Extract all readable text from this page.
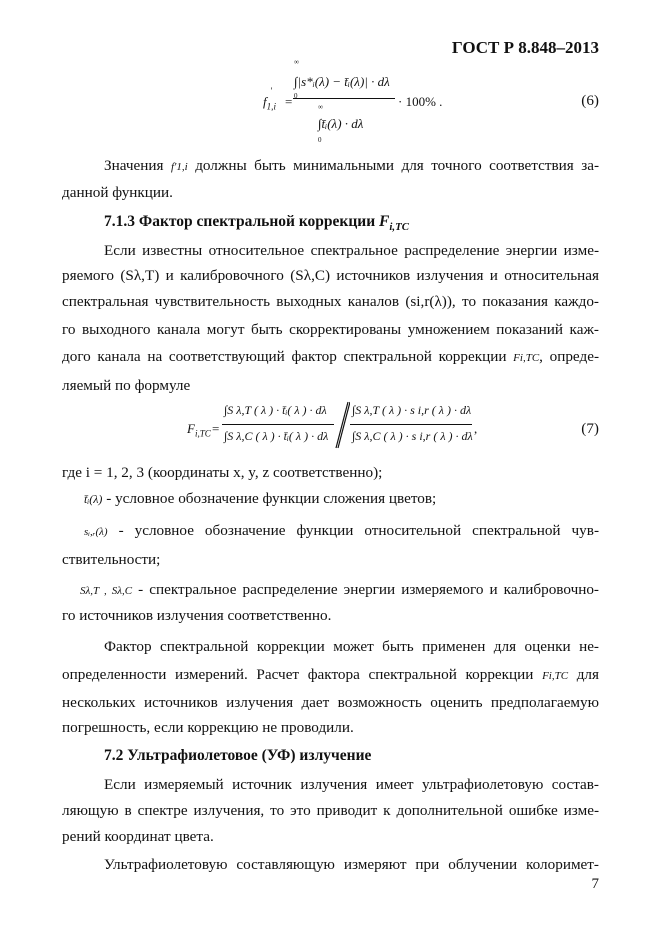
ГОСТ Р 8.848–2013
$f_{1,i}$
′
=
∫|s*ᵢ(λ) − t̄ᵢ(λ)| · dλ
∞
0
∫t̄ᵢ(λ) · dλ
∞
0
· 100% .	(6)

Значения f′1,i должны быть минимальными для точного соответствия за-

данной функции.

7.1.3 Фактор спектральной коррекции $F_{i,TC}$

Если известны относительное спектральное распределение энергии изме-

ряемого (Sλ,T) и калибровочного (Sλ,C) источников излучения и относительная

спектральная чувствительность выходных каналов (si,r(λ)), то показания каждо-

го выходного канала могут быть скорректированы умножением показаний каж-

дого канала на соответствующий фактор спектральной коррекции Fi,TC, опреде-

ляемый по формуле

$F_{i,TC}$ =
∫S λ,T ( λ ) · t̄ᵢ( λ ) · dλ
∫S λ,C ( λ ) · t̄ᵢ( λ ) · dλ
∫S λ,T ( λ ) · s i,r ( λ ) · dλ
∫S λ,C ( λ ) · s i,r ( λ ) · dλ ,	(7)

где i = 1, 2, 3 (координаты x, y, z соответственно);

t̄ᵢ(λ) - условное обозначение функции сложения цветов;

sᵢ,ᵣ(λ) - условное обозначение функции относительной спектральной чув-

ствительности;

Sλ,T , Sλ,C - спектральное распределение энергии измеряемого и калибровочно-

го источников излучения соответственно.

Фактор спектральной коррекции может быть применен для оценки не-

определенности измерений. Расчет фактора спектральной коррекции Fi,TC для

нескольких источников излучения дает возможность оценить предполагаемую

погрешность, если коррекцию не проводили.

7.2 Ультрафиолетовое (УФ) излучение

Если измеряемый источник излучения имеет ультрафиолетовую состав-

ляющую в спектре излучения, то это приводит к дополнительной ошибке изме-

рений координат цвета.

Ультрафиолетовую составляющую измеряют при облучении колоримет-

7
